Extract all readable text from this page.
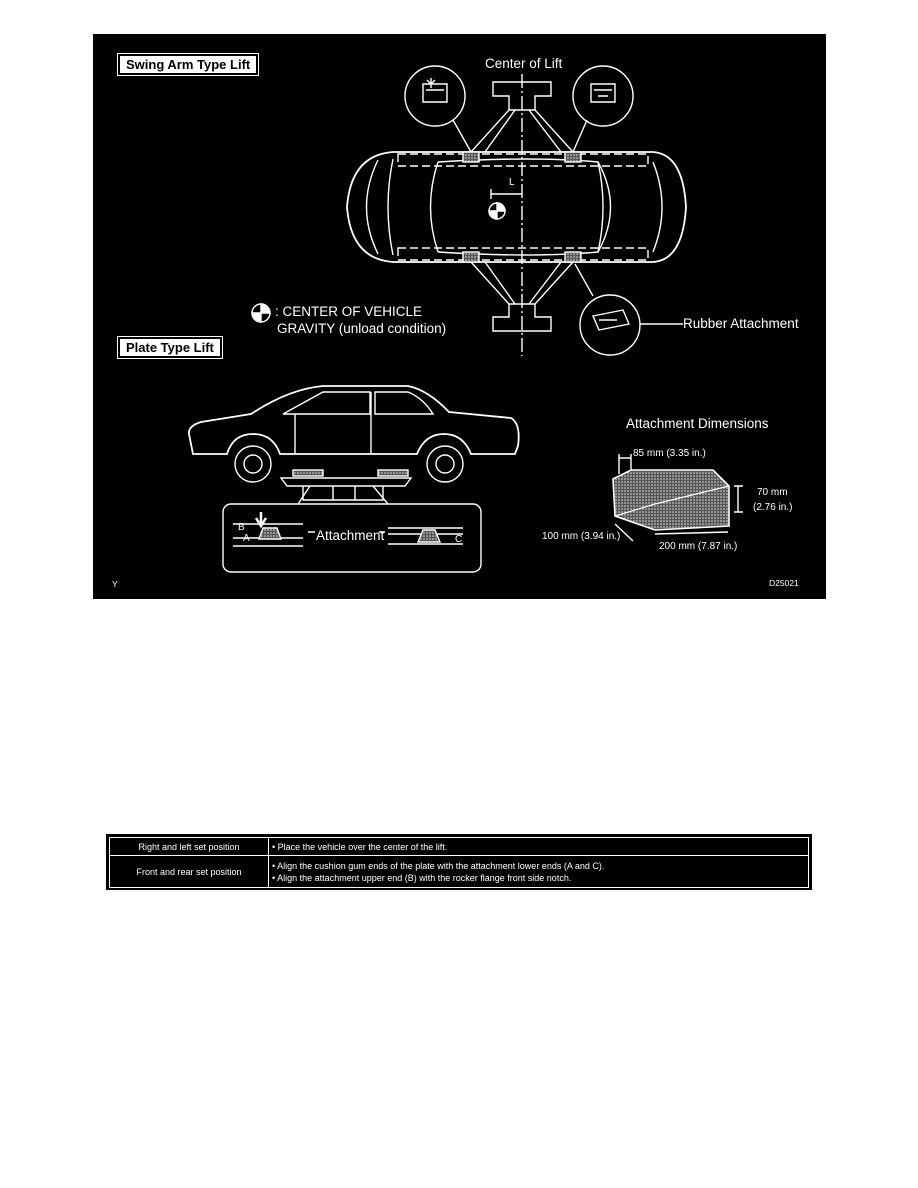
Swing Arm Type Lift
Plate Type Lift
Center of Lift
L
: CENTER OF VEHICLE
GRAVITY (unload condition)	Rubber Attachment
Attachment
B
A	C
Attachment Dimensions
85 mm (3.35 in.)
70 mm
(2.76 in.)
100 mm (3.94 in.)
200 mm (7.87 in.)
Y	D25021
Right and left set position	• Place the vehicle over the center of the lift.

Front and rear set position	• Align the cushion gum ends of the plate with the attachment lower ends (A and C).
• Align the attachment upper end (B) with the rocker flange front side notch.
